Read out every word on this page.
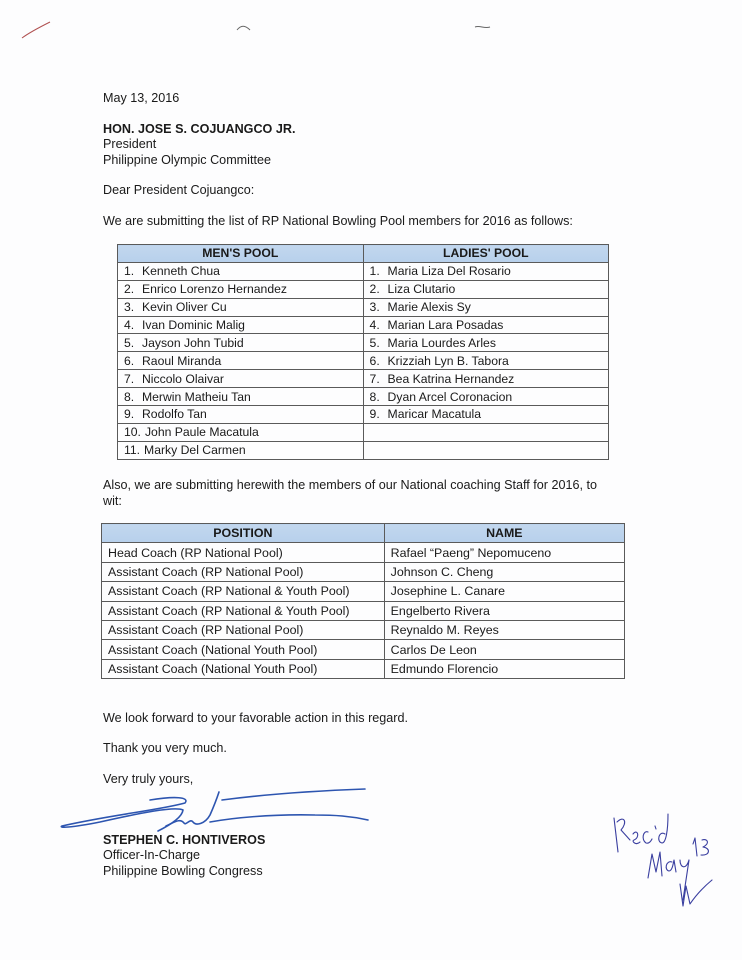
May 13, 2016
HON. JOSE S. COJUANGCO JR.
President
Philippine Olympic Committee
Dear President Cojuangco:
We are submitting the list of RP National Bowling Pool members for 2016 as follows:
MEN'S POOL	LADIES' POOL
1. Kenneth Chua	1. Maria Liza Del Rosario
2. Enrico Lorenzo Hernandez	2. Liza Clutario
3. Kevin Oliver Cu	3. Marie Alexis Sy
4. Ivan Dominic Malig	4. Marian Lara Posadas
5. Jayson John Tubid	5. Maria Lourdes Arles
6. Raoul Miranda	6. Krizziah Lyn B. Tabora
7. Niccolo Olaivar	7. Bea Katrina Hernandez
8. Merwin Matheiu Tan	8. Dyan Arcel Coronacion
9. Rodolfo Tan	9. Maricar Macatula
10. John Paule Macatula	
11. Marky Del Carmen	
Also, we are submitting herewith the members of our National coaching Staff for 2016, to
wit:
POSITION	NAME
Head Coach (RP National Pool)	Rafael “Paeng” Nepomuceno
Assistant Coach (RP National Pool)	Johnson C. Cheng
Assistant Coach (RP National & Youth Pool)	Josephine L. Canare
Assistant Coach (RP National & Youth Pool)	Engelberto Rivera
Assistant Coach (RP National Pool)	Reynaldo M. Reyes
Assistant Coach (National Youth Pool)	Carlos De Leon
Assistant Coach (National Youth Pool)	Edmundo Florencio
We look forward to your favorable action in this regard.
Thank you very much.
Very truly yours,
STEPHEN C. HONTIVEROS
Officer-In-Charge
Philippine Bowling Congress
